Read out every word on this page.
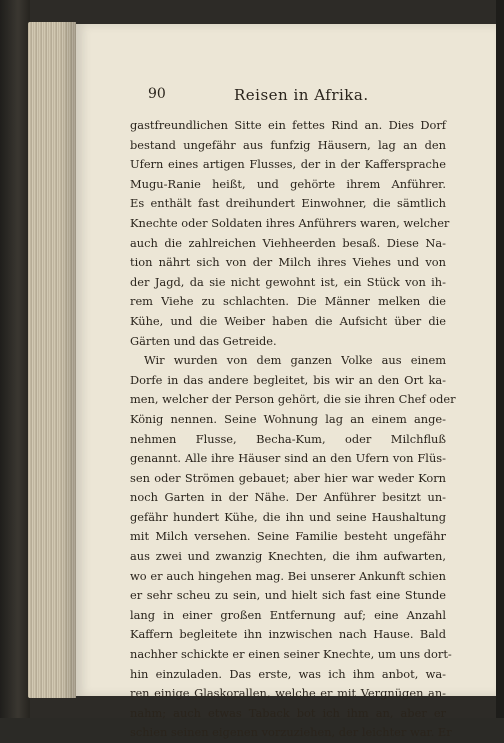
90	Reisen in Afrika.
gastfreundlichen Sitte ein fettes Rind an. Dies Dorf
bestand ungefähr aus funfzig Häusern, lag an den
Ufern eines artigen Flusses, der in der Kaffersprache
Mugu-Ranie heißt, und gehörte ihrem Anführer.
Es enthält fast dreihundert Einwohner, die sämtlich
Knechte oder Soldaten ihres Anführers waren, welcher
auch die zahlreichen Viehheerden besaß. Diese Na-
tion nährt sich von der Milch ihres Viehes und von
der Jagd, da sie nicht gewohnt ist, ein Stück von ih-
rem Viehe zu schlachten. Die Männer melken die
Kühe, und die Weiber haben die Aufsicht über die
Gärten und das Getreide.
Wir wurden von dem ganzen Volke aus einem
Dorfe in das andere begleitet, bis wir an den Ort ka-
men, welcher der Person gehört, die sie ihren Chef oder
König nennen. Seine Wohnung lag an einem ange-
nehmen Flusse, Becha-Kum, oder Milchfluß
genannt. Alle ihre Häuser sind an den Ufern von Flüs-
sen oder Strömen gebauet; aber hier war weder Korn
noch Garten in der Nähe. Der Anführer besitzt un-
gefähr hundert Kühe, die ihn und seine Haushaltung
mit Milch versehen. Seine Familie besteht ungefähr
aus zwei und zwanzig Knechten, die ihm aufwarten,
wo er auch hingehen mag. Bei unserer Ankunft schien
er sehr scheu zu sein, und hielt sich fast eine Stunde
lang in einer großen Entfernung auf; eine Anzahl
Kaffern begleitete ihn inzwischen nach Hause. Bald
nachher schickte er einen seiner Knechte, um uns dort-
hin einzuladen. Das erste, was ich ihm anbot, wa-
ren einige Glaskorallen, welche er mit Vergnügen an-
nahm; auch etwas Taback bot ich ihm an, aber er
schien seinen eigenen vorzuziehen, der leichter war. Er
